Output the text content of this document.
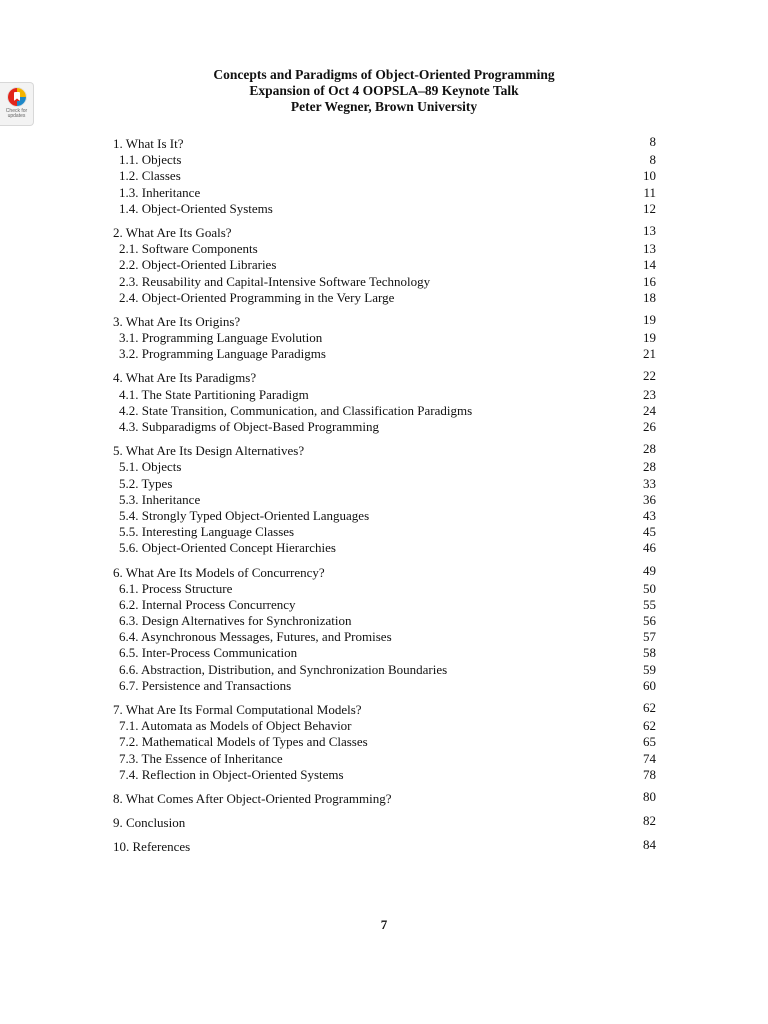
Check for updates
Concepts and Paradigms of Object-Oriented Programming
Expansion of Oct 4 OOPSLA–89 Keynote Talk
Peter Wegner, Brown University
1. What Is It?	8
1.1. Objects	8
1.2. Classes	10
1.3. Inheritance	11
1.4. Object-Oriented Systems	12
2. What Are Its Goals?	13
2.1. Software Components	13
2.2. Object-Oriented Libraries	14
2.3. Reusability and Capital-Intensive Software Technology	16
2.4. Object-Oriented Programming in the Very Large	18
3. What Are Its Origins?	19
3.1. Programming Language Evolution	19
3.2. Programming Language Paradigms	21
4. What Are Its Paradigms?	22
4.1. The State Partitioning Paradigm	23
4.2. State Transition, Communication, and Classification Paradigms	24
4.3. Subparadigms of Object-Based Programming	26
5. What Are Its Design Alternatives?	28
5.1. Objects	28
5.2. Types	33
5.3. Inheritance	36
5.4. Strongly Typed Object-Oriented Languages	43
5.5. Interesting Language Classes	45
5.6. Object-Oriented Concept Hierarchies	46
6. What Are Its Models of Concurrency?	49
6.1. Process Structure	50
6.2. Internal Process Concurrency	55
6.3. Design Alternatives for Synchronization	56
6.4. Asynchronous Messages, Futures, and Promises	57
6.5. Inter-Process Communication	58
6.6. Abstraction, Distribution, and Synchronization Boundaries	59
6.7. Persistence and Transactions	60
7. What Are Its Formal Computational Models?	62
7.1. Automata as Models of Object Behavior	62
7.2. Mathematical Models of Types and Classes	65
7.3. The Essence of Inheritance	74
7.4. Reflection in Object-Oriented Systems	78
8. What Comes After Object-Oriented Programming?	80
9. Conclusion	82
10. References	84
7
